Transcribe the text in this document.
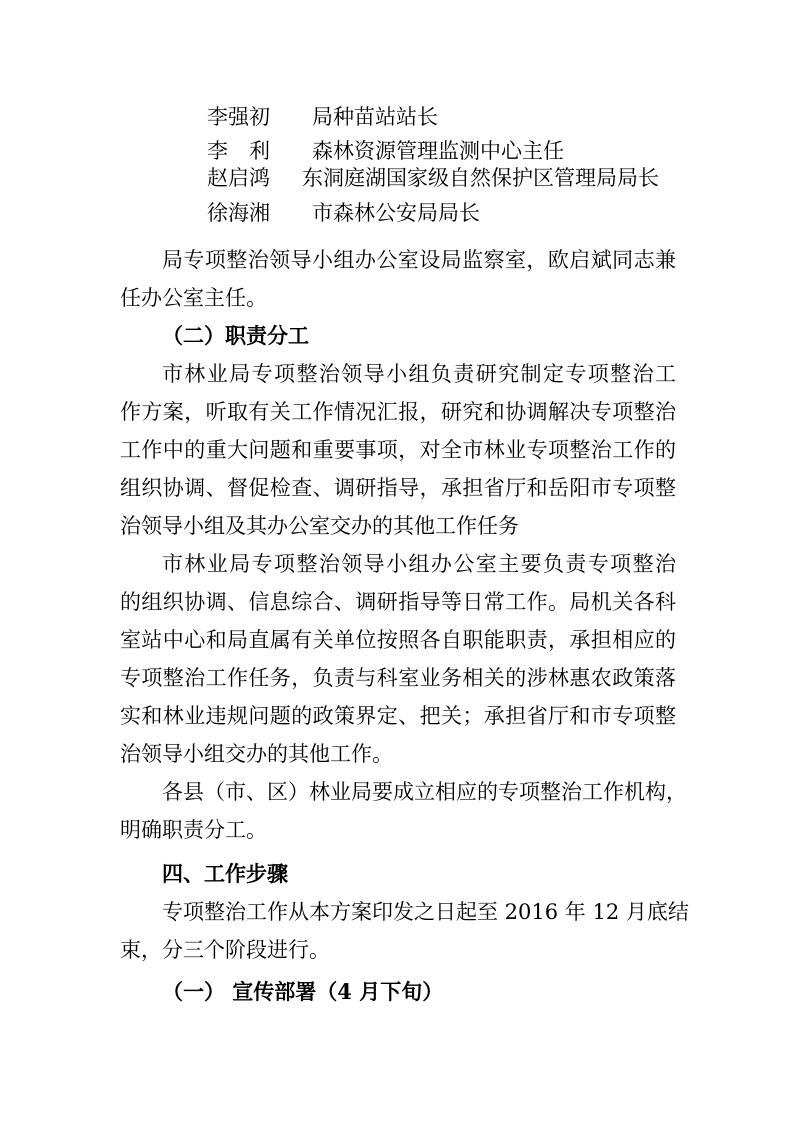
李强初 局种苗站站长
李　利 森林资源管理监测中心主任
赵启鸿 东洞庭湖国家级自然保护区管理局局长
徐海湘 市森林公安局局长
局专项整治领导小组办公室设局监察室，欧启斌同志兼
任办公室主任。
（二）职责分工
市林业局专项整治领导小组负责研究制定专项整治工
作方案，听取有关工作情况汇报，研究和协调解决专项整治
工作中的重大问题和重要事项，对全市林业专项整治工作的
组织协调、督促检查、调研指导，承担省厅和岳阳市专项整
治领导小组及其办公室交办的其他工作任务
市林业局专项整治领导小组办公室主要负责专项整治
的组织协调、信息综合、调研指导等日常工作。局机关各科
室站中心和局直属有关单位按照各自职能职责，承担相应的
专项整治工作任务，负责与科室业务相关的涉林惠农政策落
实和林业违规问题的政策界定、把关；承担省厅和市专项整
治领导小组交办的其他工作。
各县（市、区）林业局要成立相应的专项整治工作机构，
明确职责分工。
四、工作步骤
专项整治工作从本方案印发之日起至 2016 年 12 月底结
束，分三个阶段进行。
（一） 宣传部署（4 月下旬）
